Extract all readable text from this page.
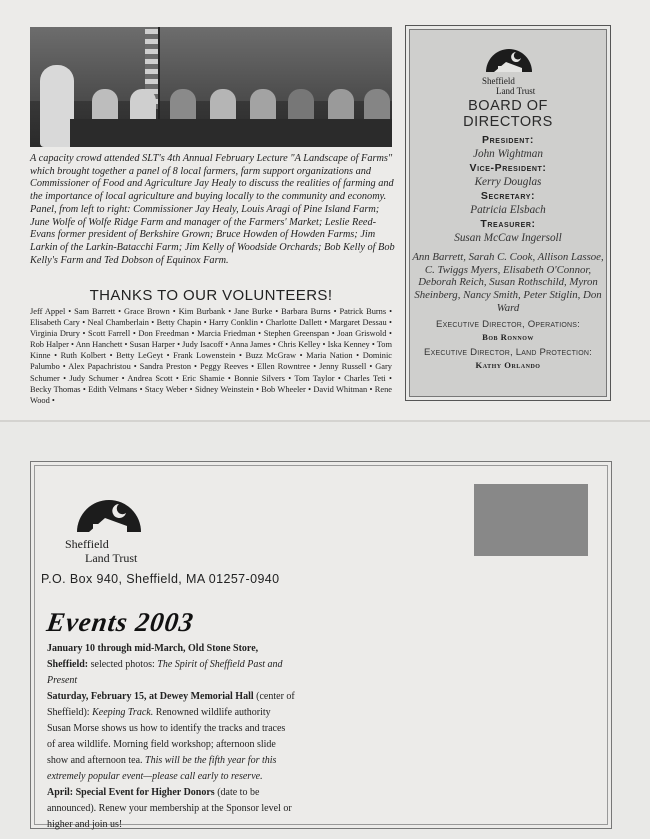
A capacity crowd attended SLT's 4th Annual February Lecture "A Landscape of Farms" which brought together a panel of 8 local farmers, farm support organizations and Commissioner of Food and Agriculture Jay Healy to discuss the realities of farming and the importance of local agriculture and buying locally to the community and economy. Panel, from left to right: Commissioner Jay Healy, Louis Aragi of Pine Island Farm; June Wolfe of Wolfe Ridge Farm and manager of the Farmers' Market; Leslie Reed-Evans former president of Berkshire Grown; Bruce Howden of Howden Farms; Jim Larkin of the Larkin-Batacchi Farm; Jim Kelly of Woodside Orchards; Bob Kelly of Bob Kelly's Farm and Ted Dobson of Equinox Farm.
THANKS TO OUR VOLUNTEERS!
Jeff Appel • Sam Barrett • Grace Brown • Kim Burbank • Jane Burke • Barbara Burns • Patrick Burns • Elisabeth Cary • Neal Chamberlain • Betty Chapin • Harry Conklin • Charlotte Dallett • Margaret Dessau • Virginia Drury • Scott Farrell • Don Freedman • Marcia Friedman • Stephen Greenspan • Joan Griswold • Rob Halper • Ann Hanchett • Susan Harper • Judy Isacoff • Anna James • Chris Kelley • Iska Kenney • Tom Kinne • Ruth Kolbert • Betty LeGeyt • Frank Lowenstein • Buzz McGraw • Maria Nation • Dominic Palumbo • Alex Papachristou • Sandra Preston • Peggy Reeves • Ellen Rowntree • Jenny Russell • Gary Schumer • Judy Schumer • Andrea Scott • Eric Shamie • Bonnie Silvers • Tom Taylor • Charles Teti • Becky Thomas • Edith Velmans • Stacy Weber • Sidney Weinstein • Bob Wheeler • David Whitman • Rene Wood •
Sheffield
Land Trust
BOARD OF
DIRECTORS
President:
John Wightman
Vice-President:
Kerry Douglas
Secretary:
Patricia Elsbach
Treasurer:
Susan McCaw Ingersoll
Ann Barrett, Sarah C. Cook, Allison Lassoe, C. Twiggs Myers, Elisabeth O'Connor, Deborah Reich, Susan Rothschild, Myron Sheinberg, Nancy Smith, Peter Stiglin, Don Ward
Executive Director, Operations:
Bob Ronnow
Executive Director, Land Protection:
Kathy Orlando
Sheffield
Land Trust
P.O. Box 940, Sheffield, MA 01257-0940
Events 2003

January 10 through mid-March, Old Stone Store, Sheffield: selected photos: The Spirit of Sheffield Past and Present

Saturday, February 15, at Dewey Memorial Hall (center of Sheffield): Keeping Track. Renowned wildlife authority Susan Morse shows us how to identify the tracks and traces of area wildlife. Morning field workshop; afternoon slide show and afternoon tea. This will be the fifth year for this extremely popular event—please call early to reserve.

April: Special Event for Higher Donors (date to be announced). Renew your membership at the Sponsor level or higher and join us!
